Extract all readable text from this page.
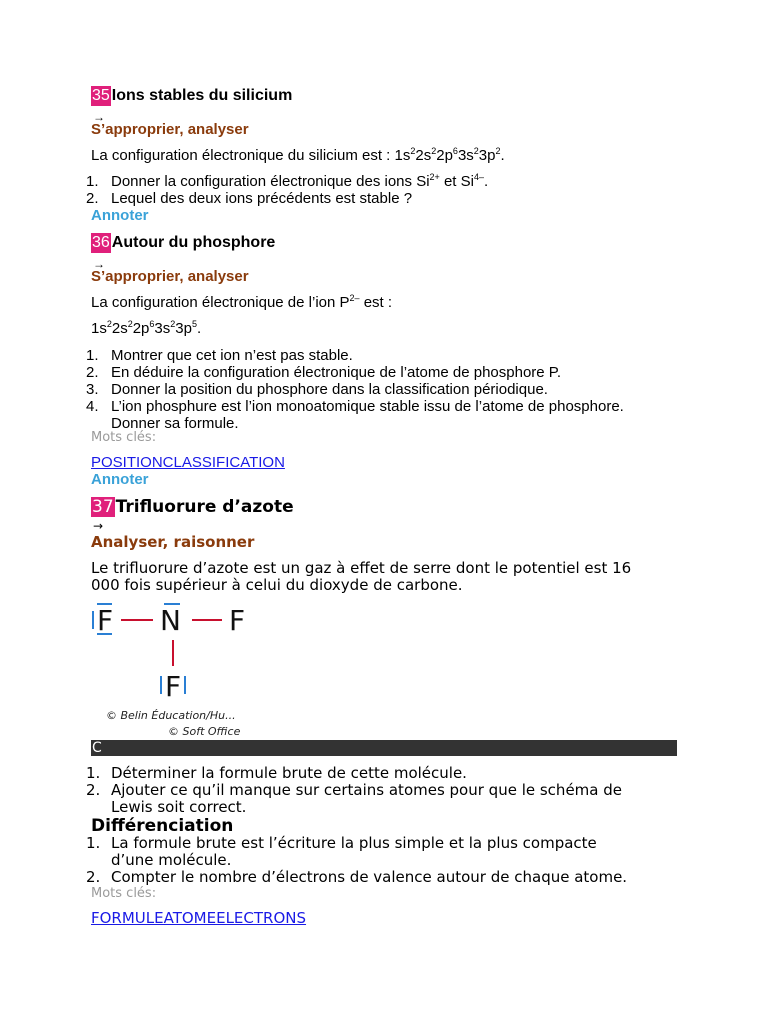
35 Ions stables du silicium
→
S’approprier, analyser
La configuration électronique du silicium est : $1s^22s^22p^63s^23p^2$.
1. Donner la configuration électronique des ions $Si^{2+}$ et $Si^{4-}$.
2. Lequel des deux ions précédents est stable ?
Annoter
36 Autour du phosphore
→
S’approprier, analyser
La configuration électronique de l’ion $P^{2-}$ est :
$1s^22s^22p^63s^23p^5$.
1. Montrer que cet ion n’est pas stable.
2. En déduire la configuration électronique de l’atome de phosphore P.
3. Donner la position du phosphore dans la classification périodique.
4. L’ion phosphure est l’ion monoatomique stable issu de l’atome de phosphore. Donner sa formule.
Mots clés:
POSITIONCLASSIFICATION
Annoter
37 Trifluorure d’azote
→
Analyser, raisonner
Le trifluorure d’azote est un gaz à effet de serre dont le potentiel est 16 000 fois supérieur à celui du dioxyde de carbone.
F N F
F
© Belin Éducation/Hu...
© Soft Office
C
1. Déterminer la formule brute de cette molécule.
2. Ajouter ce qu’il manque sur certains atomes pour que le schéma de Lewis soit correct.
Différenciation
1. La formule brute est l’écriture la plus simple et la plus compacte d’une molécule.
2. Compter le nombre d’électrons de valence autour de chaque atome.
Mots clés:
FORMULEATOMEELECTRONS
